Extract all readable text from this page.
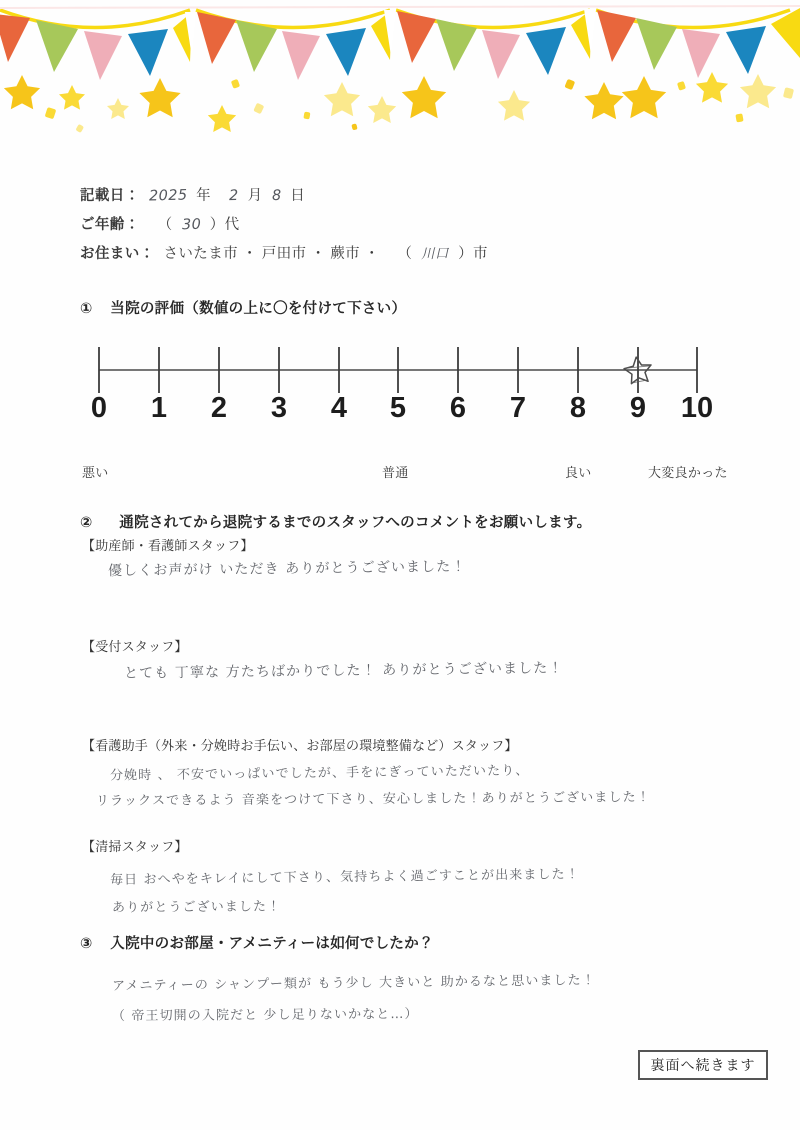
記載日： 2025 年 2 月 8 日
ご年齢： （ 30 ）代
お住まい： さいたま市 ・ 戸田市 ・ 蕨市 ・ （ 川口 ）市
① 当院の評価（数値の上に〇を付けて下さい）
0 1 2 3 4 5 6 7 8 9 10
悪い	普通	良い	大変良かった
② 通院されてから退院するまでのスタッフへのコメントをお願いします。
【助産師・看護師スタッフ】
優しくお声がけ いただき ありがとうございました！
【受付スタッフ】
とても 丁寧な 方たちばかりでした！ ありがとうございました！
【看護助手（外来・分娩時お手伝い、お部屋の環境整備など）スタッフ】
分娩時 、 不安でいっぱいでしたが、手をにぎっていただいたり、
リラックスできるよう 音楽をつけて下さり、安心しました！ありがとうございました！
【清掃スタッフ】
毎日 おへやをキレイにして下さり、気持ちよく過ごすことが出来ました！
ありがとうございました！
③ 入院中のお部屋・アメニティーは如何でしたか？
アメニティーの シャンプー類が もう少し 大きいと 助かるなと思いました！
（ 帝王切開の入院だと 少し足りないかなと…）
裏面へ続きます
